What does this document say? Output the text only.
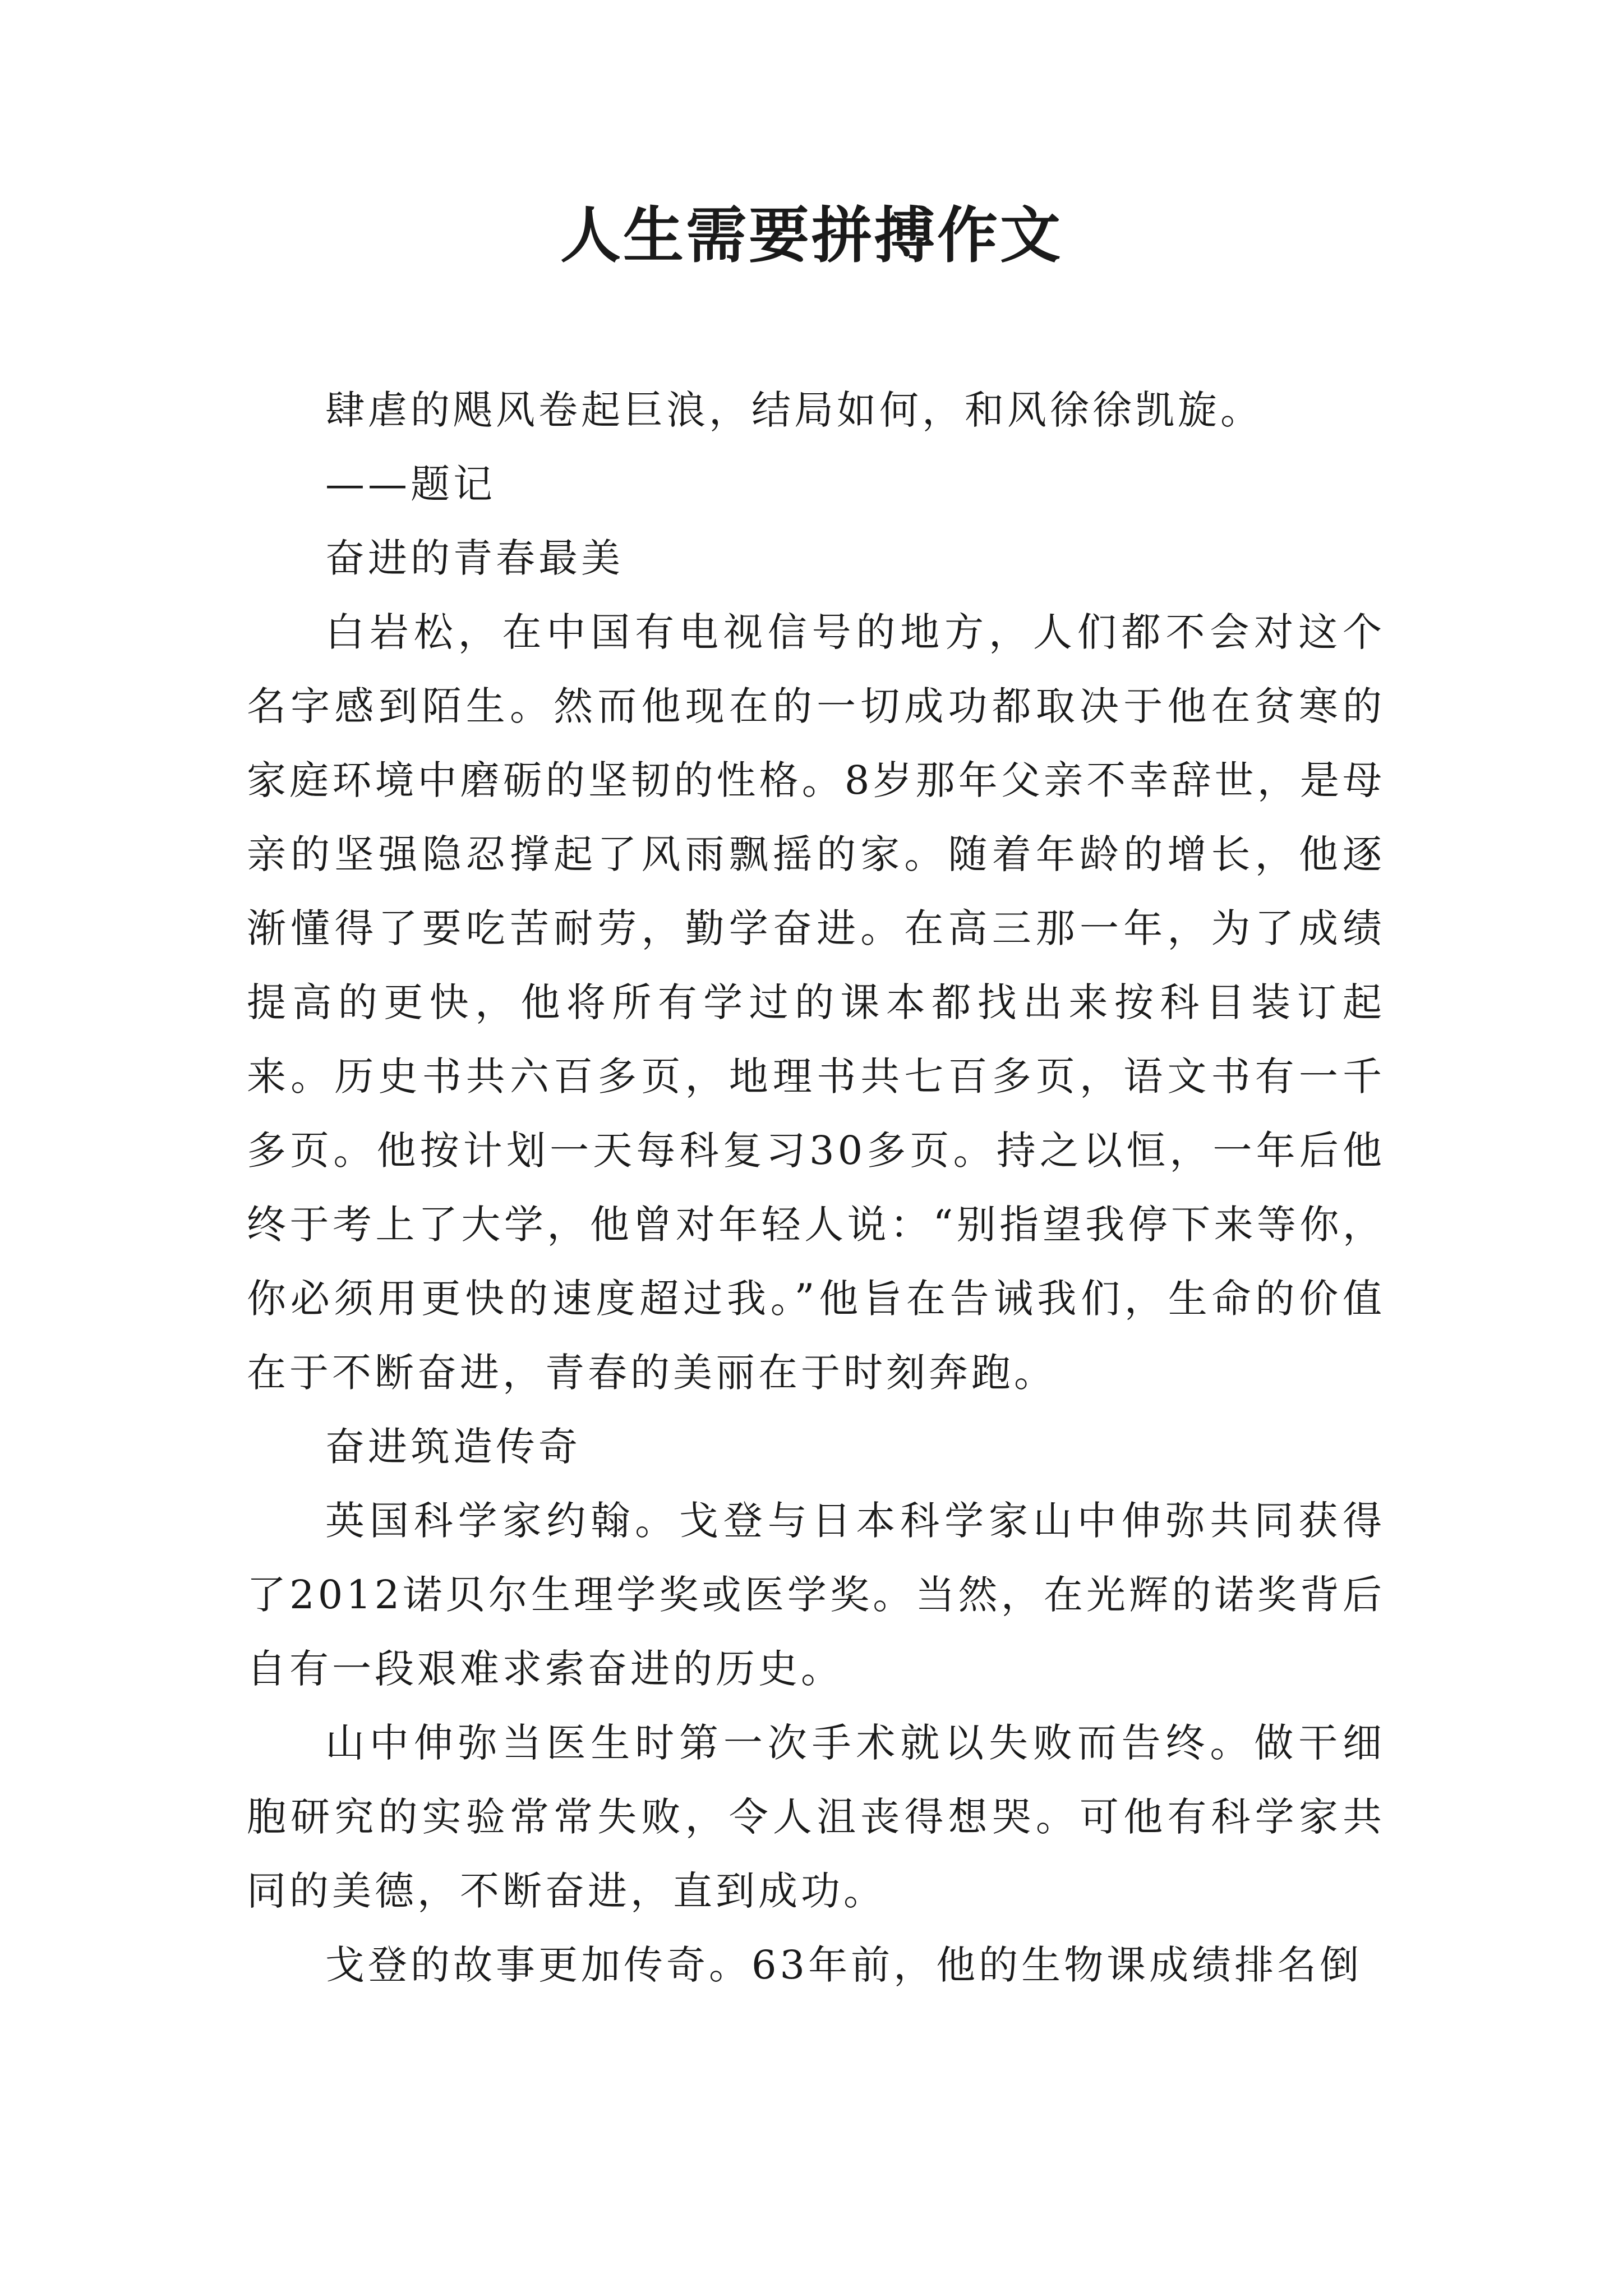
人生需要拼搏作文

肆虐的飓风卷起巨浪，结局如何，和风徐徐凯旋。

——题记

奋进的青春最美

白岩松，在中国有电视信号的地方，人们都不会对这个名字感到陌生。然而他现在的一切成功都取决于他在贫寒的家庭环境中磨砺的坚韧的性格。8岁那年父亲不幸辞世，是母亲的坚强隐忍撑起了风雨飘摇的家。随着年龄的增长，他逐渐懂得了要吃苦耐劳，勤学奋进。在高三那一年，为了成绩提高的更快，他将所有学过的课本都找出来按科目装订起来。历史书共六百多页，地理书共七百多页，语文书有一千多页。他按计划一天每科复习30多页。持之以恒，一年后他终于考上了大学，他曾对年轻人说：“别指望我停下来等你，你必须用更快的速度超过我。”他旨在告诫我们，生命的价值在于不断奋进，青春的美丽在于时刻奔跑。

奋进筑造传奇

英国科学家约翰。戈登与日本科学家山中伸弥共同获得了2012诺贝尔生理学奖或医学奖。当然，在光辉的诺奖背后自有一段艰难求索奋进的历史。

山中伸弥当医生时第一次手术就以失败而告终。做干细胞研究的实验常常失败，令人沮丧得想哭。可他有科学家共同的美德，不断奋进，直到成功。

戈登的故事更加传奇。63年前，他的生物课成绩排名倒
